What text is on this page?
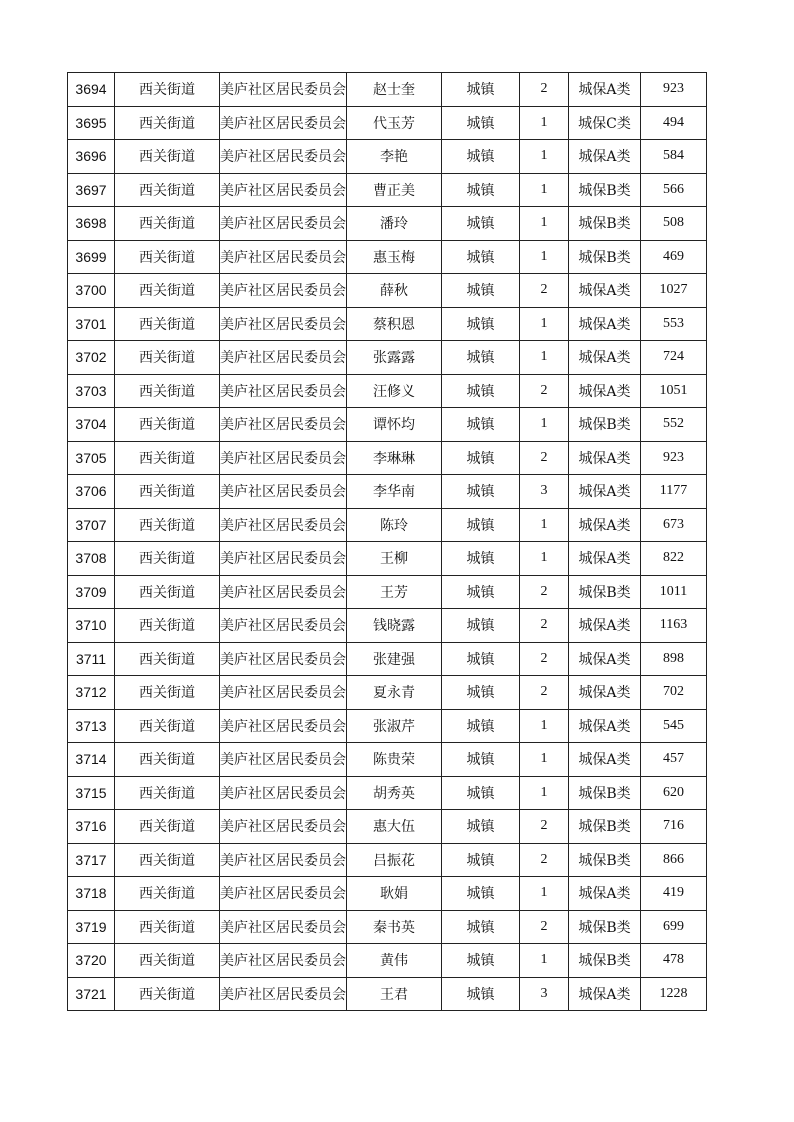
3694	西关街道	美庐社区居民委员会	赵士奎	城镇	2	城保A类	923
3695	西关街道	美庐社区居民委员会	代玉芳	城镇	1	城保C类	494
3696	西关街道	美庐社区居民委员会	李艳	城镇	1	城保A类	584
3697	西关街道	美庐社区居民委员会	曹正美	城镇	1	城保B类	566
3698	西关街道	美庐社区居民委员会	潘玲	城镇	1	城保B类	508
3699	西关街道	美庐社区居民委员会	惠玉梅	城镇	1	城保B类	469
3700	西关街道	美庐社区居民委员会	薛秋	城镇	2	城保A类	1027
3701	西关街道	美庐社区居民委员会	蔡积恩	城镇	1	城保A类	553
3702	西关街道	美庐社区居民委员会	张露露	城镇	1	城保A类	724
3703	西关街道	美庐社区居民委员会	汪修义	城镇	2	城保A类	1051
3704	西关街道	美庐社区居民委员会	谭怀均	城镇	1	城保B类	552
3705	西关街道	美庐社区居民委员会	李琳琳	城镇	2	城保A类	923
3706	西关街道	美庐社区居民委员会	李华南	城镇	3	城保A类	1177
3707	西关街道	美庐社区居民委员会	陈玲	城镇	1	城保A类	673
3708	西关街道	美庐社区居民委员会	王柳	城镇	1	城保A类	822
3709	西关街道	美庐社区居民委员会	王芳	城镇	2	城保B类	1011
3710	西关街道	美庐社区居民委员会	钱晓露	城镇	2	城保A类	1163
3711	西关街道	美庐社区居民委员会	张建强	城镇	2	城保A类	898
3712	西关街道	美庐社区居民委员会	夏永青	城镇	2	城保A类	702
3713	西关街道	美庐社区居民委员会	张淑芹	城镇	1	城保A类	545
3714	西关街道	美庐社区居民委员会	陈贵荣	城镇	1	城保A类	457
3715	西关街道	美庐社区居民委员会	胡秀英	城镇	1	城保B类	620
3716	西关街道	美庐社区居民委员会	惠大伍	城镇	2	城保B类	716
3717	西关街道	美庐社区居民委员会	吕振花	城镇	2	城保B类	866
3718	西关街道	美庐社区居民委员会	耿娟	城镇	1	城保A类	419
3719	西关街道	美庐社区居民委员会	秦书英	城镇	2	城保B类	699
3720	西关街道	美庐社区居民委员会	黄伟	城镇	1	城保B类	478
3721	西关街道	美庐社区居民委员会	王君	城镇	3	城保A类	1228
